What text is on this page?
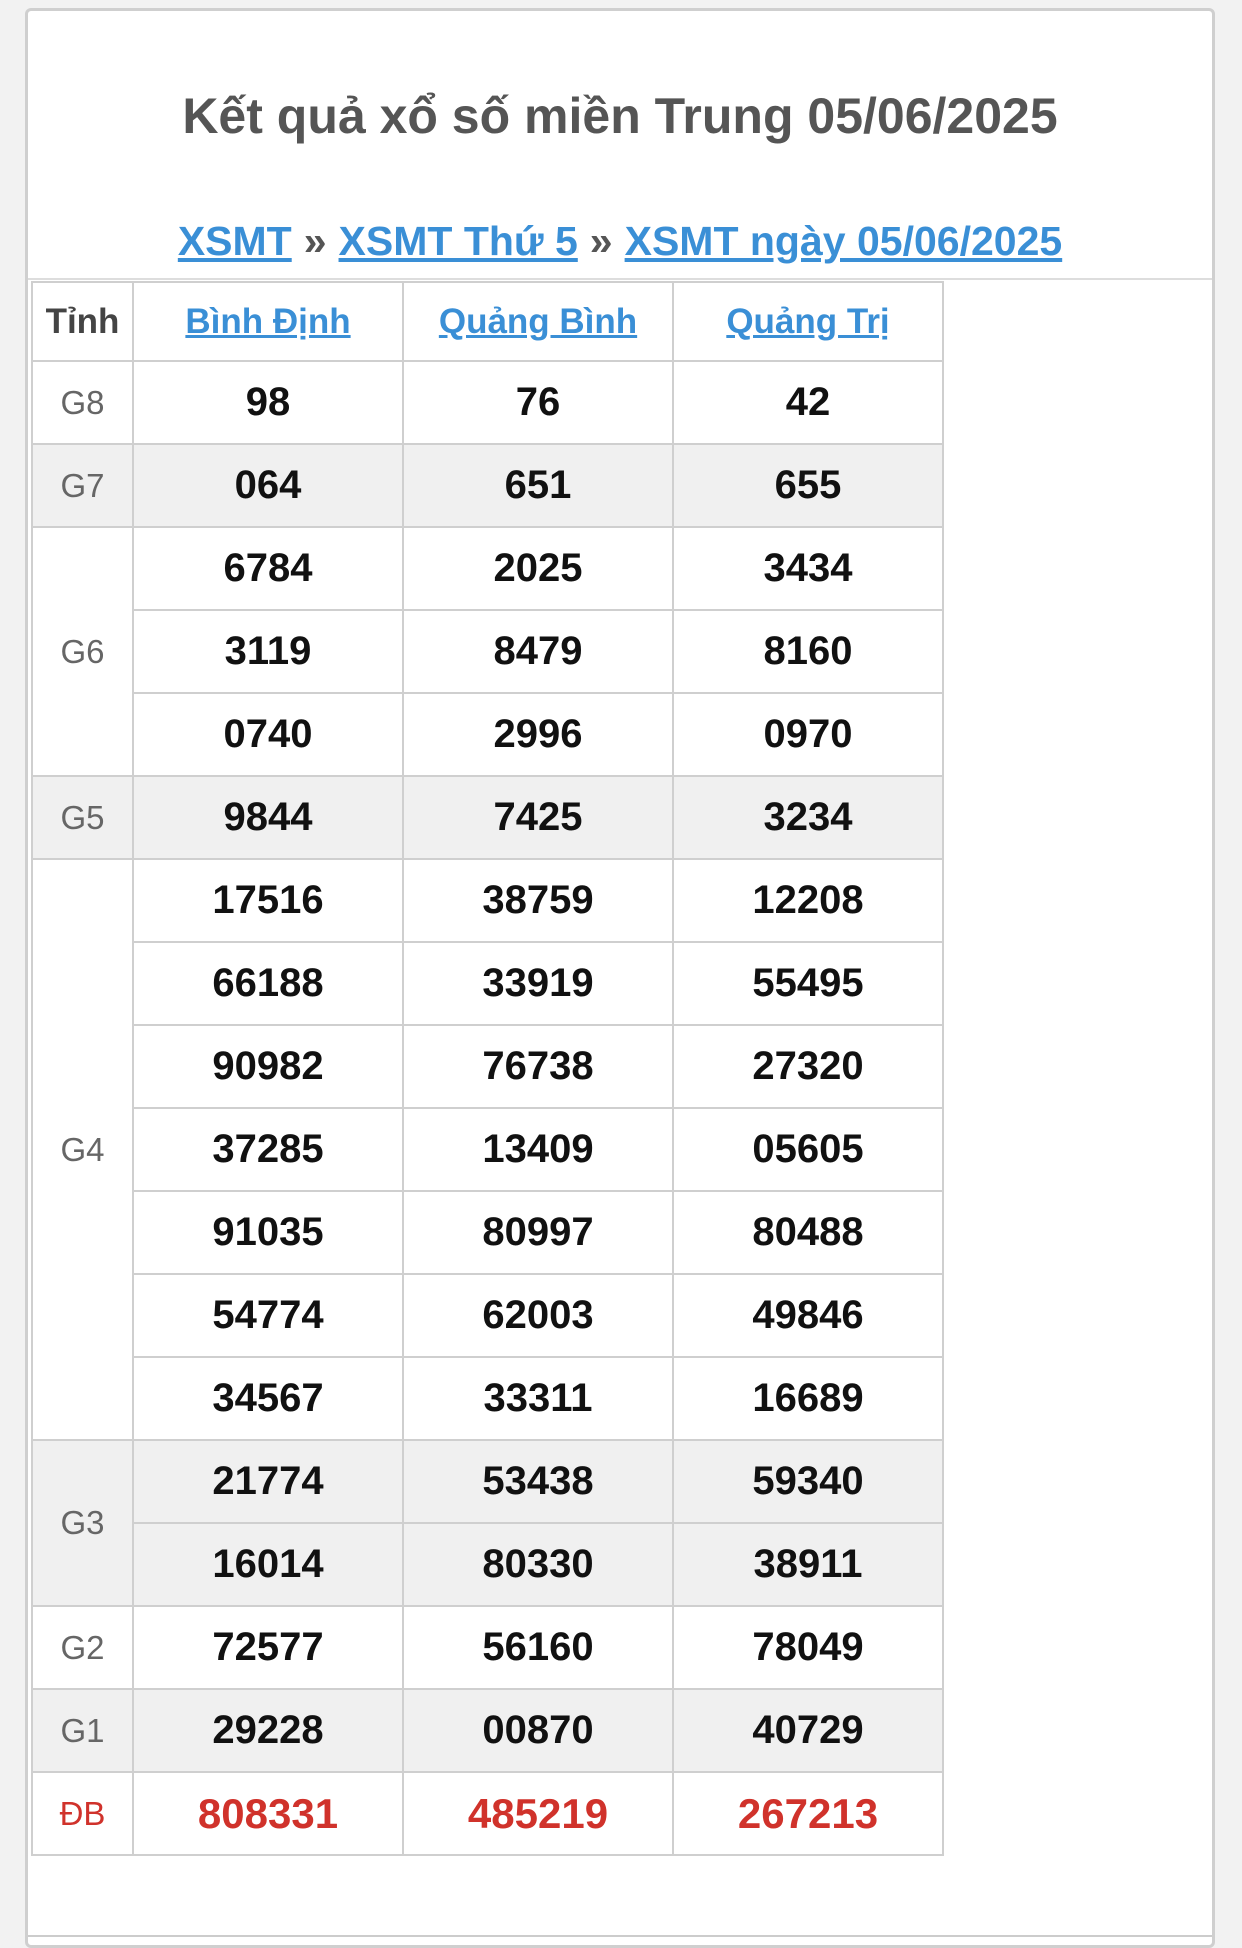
Kết quả xổ số miền Trung 05/06/2025
XSMT » XSMT Thứ 5 » XSMT ngày 05/06/2025
Tỉnh	Bình Định	Quảng Bình	Quảng Trị
G8	98	76	42
G7	064	651	655
G6	6784	2025	3434
	3119	8479	8160
	0740	2996	0970
G5	9844	7425	3234
G4	17516	38759	12208
	66188	33919	55495
	90982	76738	27320
	37285	13409	05605
	91035	80997	80488
	54774	62003	49846
	34567	33311	16689
G3	21774	53438	59340
	16014	80330	38911
G2	72577	56160	78049
G1	29228	00870	40729
ĐB	808331	485219	267213
